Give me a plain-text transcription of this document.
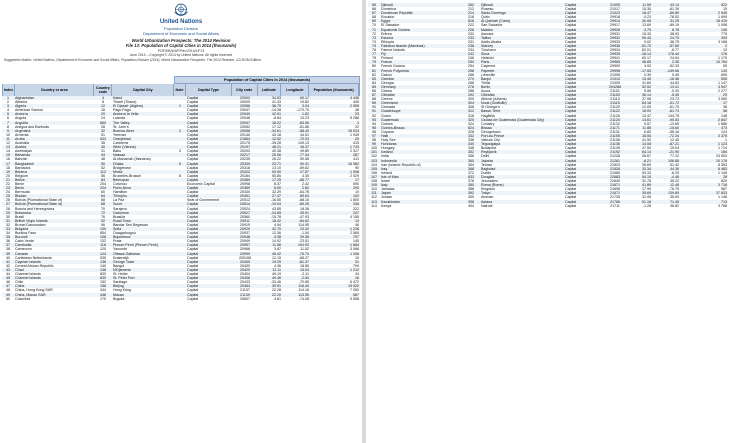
United Nations
Population Division
Department of Economic and Social Affairs
World Urbanization Prospects: The 2014 Revision
File 13: Population of Capital Cities in 2014 (thousands)
POP/DB/WUP/Rev.2014/1/F13
June 2014 – Copyright © 2014 by United Nations. All rights reserved
Suggested citation: United Nations, Department of Economic and Social Affairs, Population Division (2014). World Urbanization Prospects: The 2014 Revision, CD-ROM Edition.
Population of Capital Cities in 2014 (thousands)
Index	Country or area	Country code	Capital City	Note	Capital Type	City code	Latitude	Longitude	Population (thousands)
1	Afghanistan	4	Kabul		Capital	20002	34.53	69.17	4 436
2	Albania	8	Tiranë (Tirana)		Capital	20009	41.33	19.82	445
3	Algeria	12	El Djazaïr (Algiers)	1	Capital	20056	36.75	3.04	2 559
4	American Samoa	16	Pago Pago		Capital	20047	-14.28	-170.70	48
5	Andorra	20	Andorra la Vella		Capital	20049	42.51	1.52	23
6	Angola	24	Luanda		Capital	20046	-8.84	13.23	5 288
7	Anguilla	660	The Valley		Capital	20047	18.22	-63.06	1
8	Antigua and Barbuda	28	St. John's		Capital	20052	17.12	-61.85	22
9	Argentina	32	Buenos Aires	2	Capital	20058	-34.61	-58.40	15 024
10	Armenia	51	Yerevan		Capital	20140	40.18	44.51	1 049
11	Aruba	533	Oranjestad		Capital	21864	12.52	-70.03	29
12	Australia	36	Canberra		Capital	20175	-35.28	149.13	415
13	Austria	40	Wien (Vienna)		Capital	20197	48.21	16.37	1 743
14	Azerbaijan	31	Baku	3	Capital	20203	40.38	49.89	2 317
15	Bahamas	44	Nassau		Capital	20217	25.06	-77.34	267
16	Bahrain	48	Al-Manamah (Manama)		Capital	20235	26.22	50.58	411
17	Bangladesh	50	Dhaka	5	Capital	20339	23.71	90.41	16 982
18	Barbados	52	Bridgetown		Capital	20318	13.10	-59.62	90
19	Belarus	112	Minsk		Capital	20322	53.90	27.57	1 908
20	Belgium	56	Bruxelles-Brussel	6	Capital	20164	50.85	4.35	2 029
21	Belize	84	Belmopan		Capital	20389	17.25	-88.77	17
22	Benin	204	Cotonou		Economic Capital	20998	6.37	2.42	690
23	Benin	204	Porto-Novo		Capital	20369	6.50	2.60	293
24	Bermuda	60	Hamilton		Capital	20430	32.29	-64.78	10
25	Bhutan	64	Thimphu		Capital	20451	27.47	89.64	102
26	Bolivia (Plurinational State of)	68	La Paz		Seat of Government	20512	-16.50	-68.15	1 800
27	Bolivia (Plurinational State of)	68	Sucre		Capital	20514	-19.04	-65.26	336
28	Bosnia and Herzegovina	70	Sarajevo		Capital	20524	43.85	18.36	322
29	Botswana	72	Gaborone		Capital	20527	-24.65	25.91	247
30	Brazil	76	Brasília		Capital	20560	-15.78	-47.93	4 155
31	British Virgin Islands	92	Road Town		Capital	20911	18.42	-64.62	13
32	Brunei Darussalam	96	Bandar Seri Begawan		Capital	20919	4.94	114.95	46
33	Bulgaria	100	Sofia		Capital	20929	42.70	23.32	1 226
34	Burkina Faso	854	Ouagadougou		Capital	20937	12.36	-1.54	2 565
35	Burundi	108	Bujumbura		Capital	20948	-3.38	29.36	707
36	Cabo Verde	132	Praia		Capital	20949	14.92	-23.51	145
37	Cambodia	116	Phnum Pénh (Phnom Penh)		Capital	20957	11.56	104.92	1 684
38	Cameroon	120	Yaoundé		Capital	20966	3.87	11.52	3 066
39	Canada	124	Ottawa-Gatineau		Capital	20999	45.42	-75.70	1 306
40	Caribbean Netherlands	535	Kralendijk		Capital	200155	12.15	-68.27	15
41	Cayman Islands	136	George Town		Capital	20409	19.29	-81.37	31
42	Central African Republic	140	Bangui		Capital	20400	4.36	18.56	794
43	Chad	148	N'Djaména		Capital	20420	12.11	15.04	1 212
44	Channel Islands	830	St. Helier		Capital	20404	49.19	-2.11	34
45	Channel Islands	830	St. Peter Port		Capital	20406	49.46	-2.54	16
46	Chile	152	Santiago		Capital	20433	-33.46	-70.65	6 472
47	China	156	Beijing		Capital	20464	39.91	116.40	19 520
48	China, Hong Kong SAR	344	Hong Kong		Capital	21137	22.28	114.16	7 260
49	China, Macao SAR	446	Macao		Capital	21139	22.20	113.55	587
50	Colombia	170	Bogotá		Capital	20607	4.61	-74.08	9 558
65	Djibouti	262	Djibouti		Capital	21005	11.59	43.14	522
66	Dominica	212	Roseau		Capital	21017	15.30	-61.39	15
67	Dominican Republic	214	Santo Domingo		Capital	21023	18.47	-69.89	2 945
68	Ecuador	218	Quito		Capital	29918	-0.23	-78.52	1 699
69	Egypt	818	Al-Qahirah (Cairo)		Capital	29914	30.06	31.25	18 419
70	El Salvador	222	San Salvador		Capital	29917	13.69	-89.19	1 098
71	Equatorial Guinea	226	Malabo		Capital	29926	3.75	8.78	145
72	Eritrea	232	Asmara		Capital	29931	15.33	38.93	775
73	Estonia	233	Tallinn		Capital	29932	59.44	24.75	393
74	Ethiopia	231	Addis Ababa		Capital	29933	9.02	38.75	3 168
75	Falkland Islands (Malvinas)	238	Stanley		Capital	29936	-51.70	-57.85	2
76	Faeroe Islands	234	Tórshavn		Capital	29934	62.01	-6.77	13
77	Fiji	242	Suva		Capital	29939	-18.14	178.44	176
78	Finland	246	Helsinki		Capital	29941	60.17	24.94	1 170
79	France	250	Paris		Capital	29965	48.85	2.35	10 764
80	French Guiana	254	Cayenne		Capital	29992	4.93	-52.33	59
81	French Polynesia	258	Papeete		Capital	29998	-17.53	-149.56	133
82	Gabon	266	Libreville		Capital	21008	0.39	9.45	695
83	Gambia	270	Banjul		Capital	21010	13.45	-16.58	506
84	Georgia	268	Tbilisi		Capital	21009	41.69	44.83	1 147
85	Germany	276	Berlin		Capital	204288	52.52	13.41	3 547
86	Ghana	288	Accra		Capital	21101	5.56	-0.20	2 277
87	Gibraltar	292	Gibraltar		Capital	21103	36.14	-5.35	29
88	Greece	300	Athinai (Athens)		Capital	21113	37.98	23.73	3 060
89	Greenland	304	Nuuk (Godthåb)		Capital	21115	64.18	-51.72	17
90	Grenada	308	St George's		Capital	21120	12.05	-61.75	38
91	Guadeloupe	312	Basse-Terre		Capital	21122	16.00	-61.73	58
92	Guam	316	Hagåtña		Capital	21126	13.47	144.75	148
93	Guatemala	320	Ciudad de Guatemala (Guatemala City)		Capital	21124	14.61	-90.53	2 847
94	Guinea	324	Conakry		Capital	21132	9.57	-13.65	1 886
95	Guinea-Bissau	624	Bissau		Capital	21171	11.86	-15.60	473
96	Guyana	328	Georgetown		Capital	21131	6.80	-58.16	124
97	Haiti	332	Port-au-Prince		Capital	21105	18.54	-72.34	2 376
98	Holy See	336	Vatican City		Capital	21106	41.90	12.45	1
99	Honduras	340	Tegucigalpa		Capital	21136	14.08	-87.21	1 123
100	Hungary	348	Budapest		Capital	21149	47.50	19.04	1 714
101	Iceland	352	Reykjavík		Capital	21192	64.14	-21.90	184
102	India	356	Delhi		Capital	21228	28.67	77.22	24 953
103	Indonesia	360	Jakarta		Capital	21261	-6.21	106.85	10 176
104	Iran (Islamic Republic of)	364	Tehran		Capital	21523	35.69	51.42	8 353
105	Iraq	368	Baghdad		Capital	21528	33.34	44.39	6 483
106	Ireland	372	Dublin		Capital	21585	53.33	-6.25	1 145
107	Isle of Man	833	Douglas		Capital	22683	54.15	-4.48	28
108	Israel	376	Jerusalem		Capital	21640	31.78	35.22	829
109	Italy	380	Roma (Rome)		Capital	21671	41.89	12.48	3 718
110	Jamaica	388	Kingston		Capital	21696	17.99	-76.79	587
111	Japan	392	Tokyo		Capital	21671	35.69	139.69	37 833
112	Jordan	400	Amman		Capital	21735	31.95	35.93	1 148
113	Kazakhstan	398	Astana		Capital	21766	51.18	71.45	713
114	Kenya	404	Nairobi		Capital	21711	-1.28	36.82	3 768
